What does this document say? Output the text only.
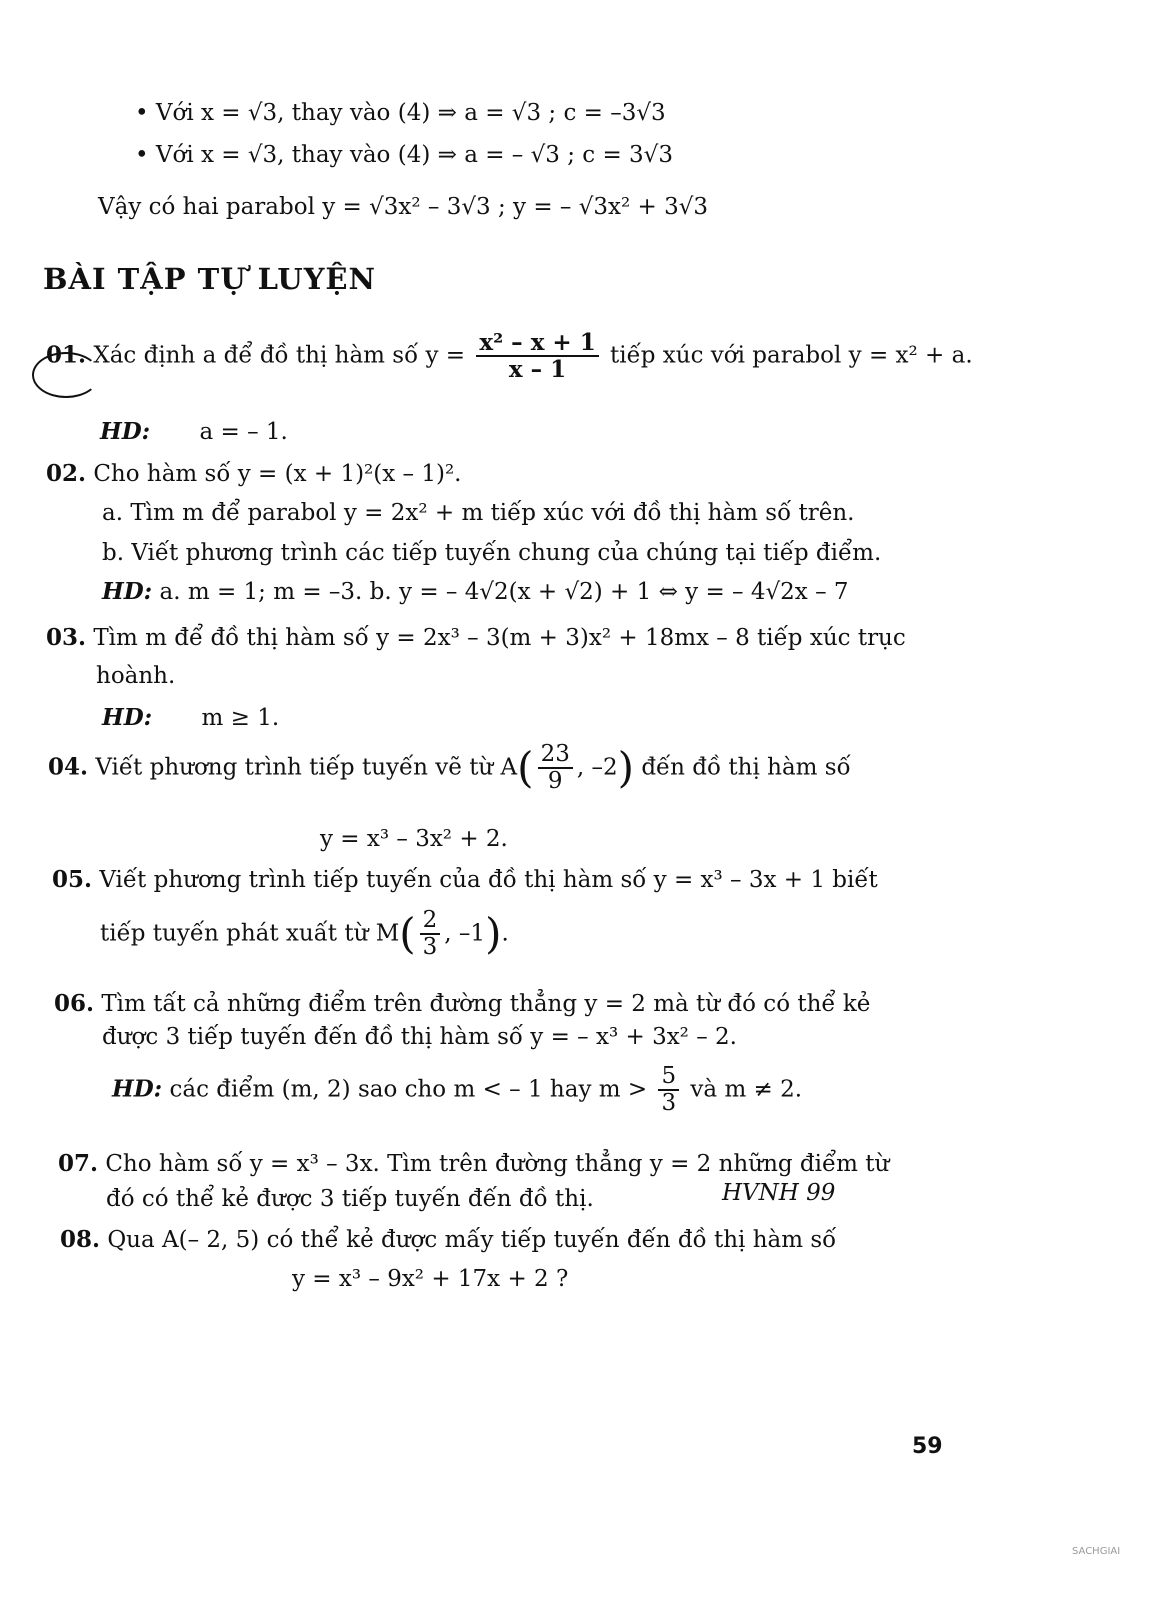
• Với x = √3, thay vào (4) ⇒ a = √3 ; c = –3√3
• Với x = √3, thay vào (4) ⇒ a = – √3 ; c = 3√3
Vậy có hai parabol y = √3x² – 3√3 ; y = – √3x² + 3√3
BÀI TẬP TỰ LUYỆN
01. Xác định a để đồ thị hàm số $y = \frac{\text{x² – x + 1}}{x - 1}$ tiếp xúc với parabol y = x² + a.
HD: a = – 1.
02. Cho hàm số y = (x + 1)²(x – 1)².
a. Tìm m để parabol y = 2x² + m tiếp xúc với đồ thị hàm số trên.
b. Viết phương trình các tiếp tuyến chung của chúng tại tiếp điểm.
HD: a. m = 1; m = –3. b. y = – 4√2(x + √2) + 1 ⇔ y = – 4√2x – 7
03. Tìm m để đồ thị hàm số y = 2x³ – 3(m + 3)x² + 18mx – 8 tiếp xúc trục
hoành.
HD: m ≥ 1.
04. Viết phương trình tiếp tuyến vẽ từ $A( \frac{23}{9}$ , –2) đến đồ thị hàm số
y = x³ – 3x² + 2.
05. Viết phương trình tiếp tuyến của đồ thị hàm số y = x³ – 3x + 1 biết
tiếp tuyến phát xuất từ $M( \frac{2}{3}$ , –1).
06. Tìm tất cả những điểm trên đường thẳng y = 2 mà từ đó có thể kẻ
được 3 tiếp tuyến đến đồ thị hàm số y = – x³ + 3x² – 2.
HD: các điểm (m, 2) sao cho m < – 1 hay $m > \frac{5}{3}$ và m ≠ 2.
07. Cho hàm số y = x³ – 3x. Tìm trên đường thẳng y = 2 những điểm từ
đó có thể kẻ được 3 tiếp tuyến đến đồ thị.	HVNH 99
08. Qua A(– 2, 5) có thể kẻ được mấy tiếp tuyến đến đồ thị hàm số
y = x³ – 9x² + 17x + 2 ?
59
SACHGIAI
